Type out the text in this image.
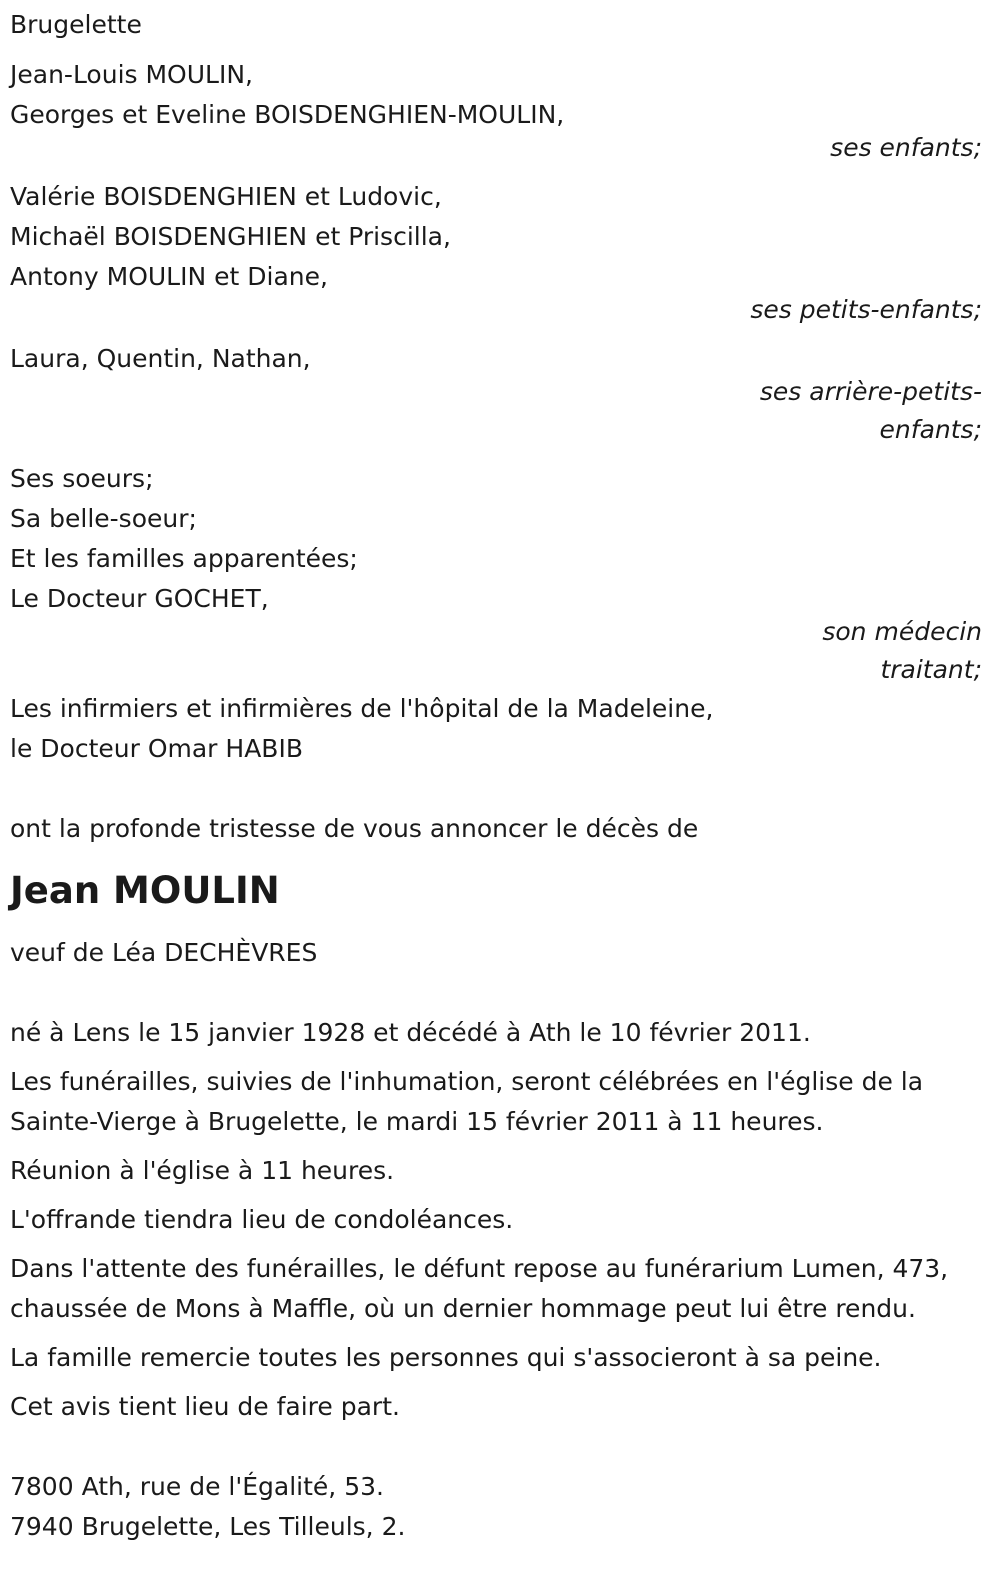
Brugelette
Jean-Louis MOULIN,
Georges et Eveline BOISDENGHIEN-MOULIN,
ses enfants;
Valérie BOISDENGHIEN et Ludovic,
Michaël BOISDENGHIEN et Priscilla,
Antony MOULIN et Diane,
ses petits-enfants;
Laura, Quentin, Nathan,
ses arrière-petits-
enfants;
Ses soeurs;
Sa belle-soeur;
Et les familles apparentées;
Le Docteur GOCHET,
son médecin
traitant;
Les infirmiers et infirmières de l'hôpital de la Madeleine,
le Docteur Omar HABIB
ont la profonde tristesse de vous annoncer le décès de
Jean MOULIN
veuf de Léa DECHÈVRES
né à Lens le 15 janvier 1928 et décédé à Ath le 10 février 2011.
Les funérailles, suivies de l'inhumation, seront célébrées en l'église de la Sainte-Vierge à Brugelette, le mardi 15 février 2011 à 11 heures.
Réunion à l'église à 11 heures.
L'offrande tiendra lieu de condoléances.
Dans l'attente des funérailles, le défunt repose au funérarium Lumen, 473, chaussée de Mons à Maffle, où un dernier hommage peut lui être rendu.
La famille remercie toutes les personnes qui s'associeront à sa peine.
Cet avis tient lieu de faire part.
7800 Ath, rue de l'Égalité, 53.
7940 Brugelette, Les Tilleuls, 2.
